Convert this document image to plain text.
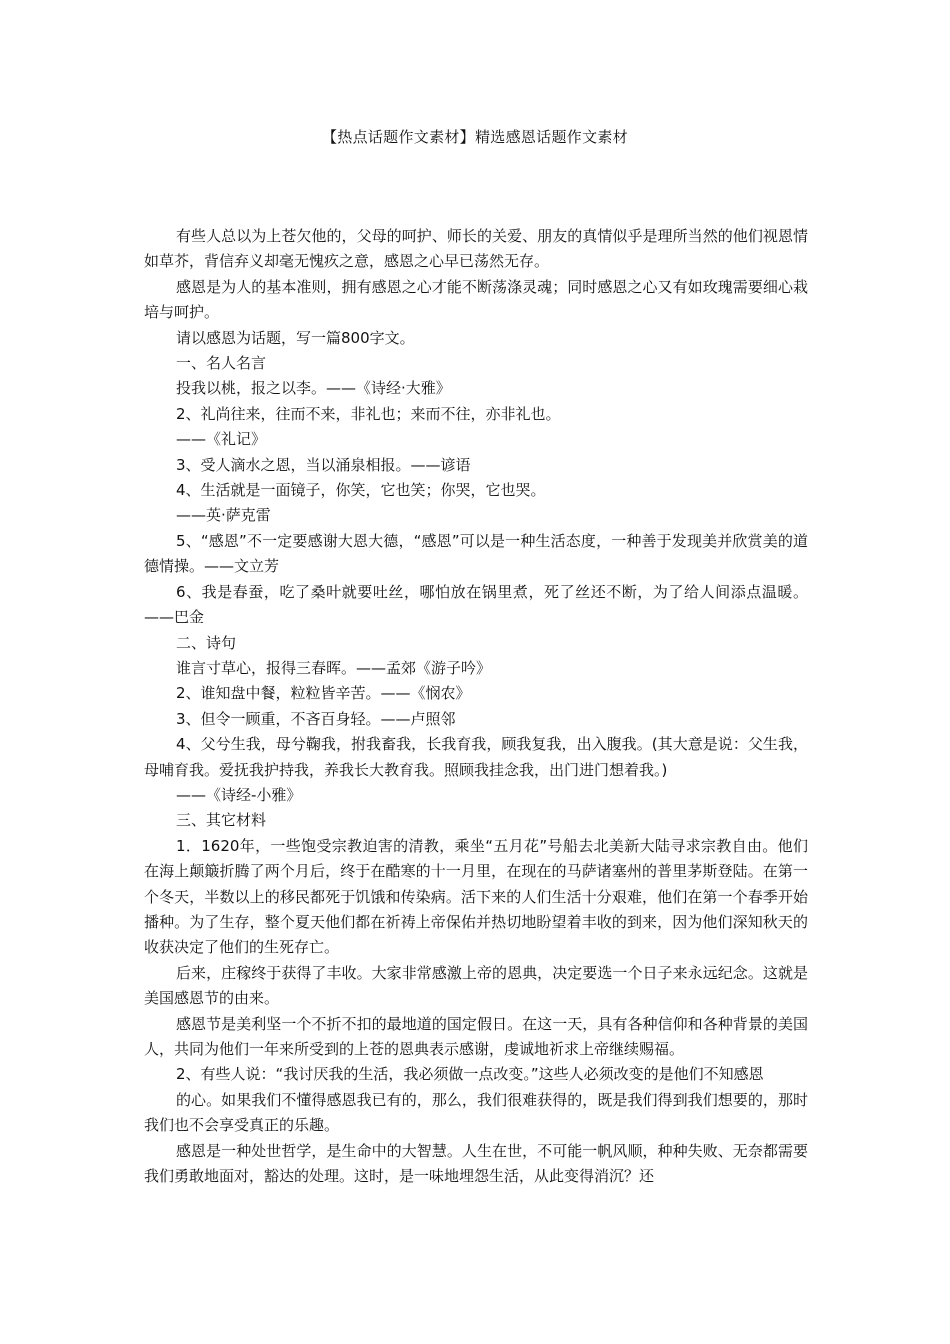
【热点话题作文素材】精选感恩话题作文素材

有些人总以为上苍欠他的，父母的呵护、师长的关爱、朋友的真情似乎是理所当然的他们视恩情如草芥，背信弃义却毫无愧疚之意，感恩之心早已荡然无存。

感恩是为人的基本准则，拥有感恩之心才能不断荡涤灵魂；同时感恩之心又有如玫瑰需要细心栽培与呵护。

请以感恩为话题，写一篇800字文。

一、名人名言

投我以桃，报之以李。——《诗经·大雅》

2、礼尚往来，往而不来，非礼也；来而不往，亦非礼也。

——《礼记》

3、受人滴水之恩，当以涌泉相报。——谚语

4、生活就是一面镜子，你笑，它也笑；你哭，它也哭。

——英·萨克雷

5、“感恩”不一定要感谢大恩大德，“感恩”可以是一种生活态度，一种善于发现美并欣赏美的道德情操。——文立芳

6、我是春蚕，吃了桑叶就要吐丝，哪怕放在锅里煮，死了丝还不断，为了给人间添点温暖。——巴金

二、诗句

谁言寸草心，报得三春晖。——孟郊《游子吟》

2、谁知盘中餐，粒粒皆辛苦。——《悯农》

3、但令一顾重，不吝百身轻。——卢照邻

4、父兮生我，母兮鞠我，拊我畜我，长我育我，顾我复我，出入腹我。(其大意是说：父生我，母哺育我。爱抚我护持我，养我长大教育我。照顾我挂念我，出门进门想着我。)

——《诗经-小雅》

三、其它材料

1．1620年，一些饱受宗教迫害的清教，乘坐“五月花”号船去北美新大陆寻求宗教自由。他们在海上颠簸折腾了两个月后，终于在酷寒的十一月里，在现在的马萨诸塞州的普里茅斯登陆。在第一个冬天，半数以上的移民都死于饥饿和传染病。活下来的人们生活十分艰难，他们在第一个春季开始播种。为了生存，整个夏天他们都在祈祷上帝保佑并热切地盼望着丰收的到来，因为他们深知秋天的收获决定了他们的生死存亡。

后来，庄稼终于获得了丰收。大家非常感激上帝的恩典，决定要选一个日子来永远纪念。这就是美国感恩节的由来。

感恩节是美利坚一个不折不扣的最地道的国定假日。在这一天，具有各种信仰和各种背景的美国人，共同为他们一年来所受到的上苍的恩典表示感谢，虔诚地祈求上帝继续赐福。

2、有些人说：“我讨厌我的生活，我必须做一点改变。”这些人必须改变的是他们不知感恩

的心。如果我们不懂得感恩我已有的，那么，我们很难获得的，既是我们得到我们想要的，那时我们也不会享受真正的乐趣。

感恩是一种处世哲学，是生命中的大智慧。人生在世，不可能一帆风顺，种种失败、无奈都需要我们勇敢地面对，豁达的处理。这时，是一味地埋怨生活，从此变得消沉？还
